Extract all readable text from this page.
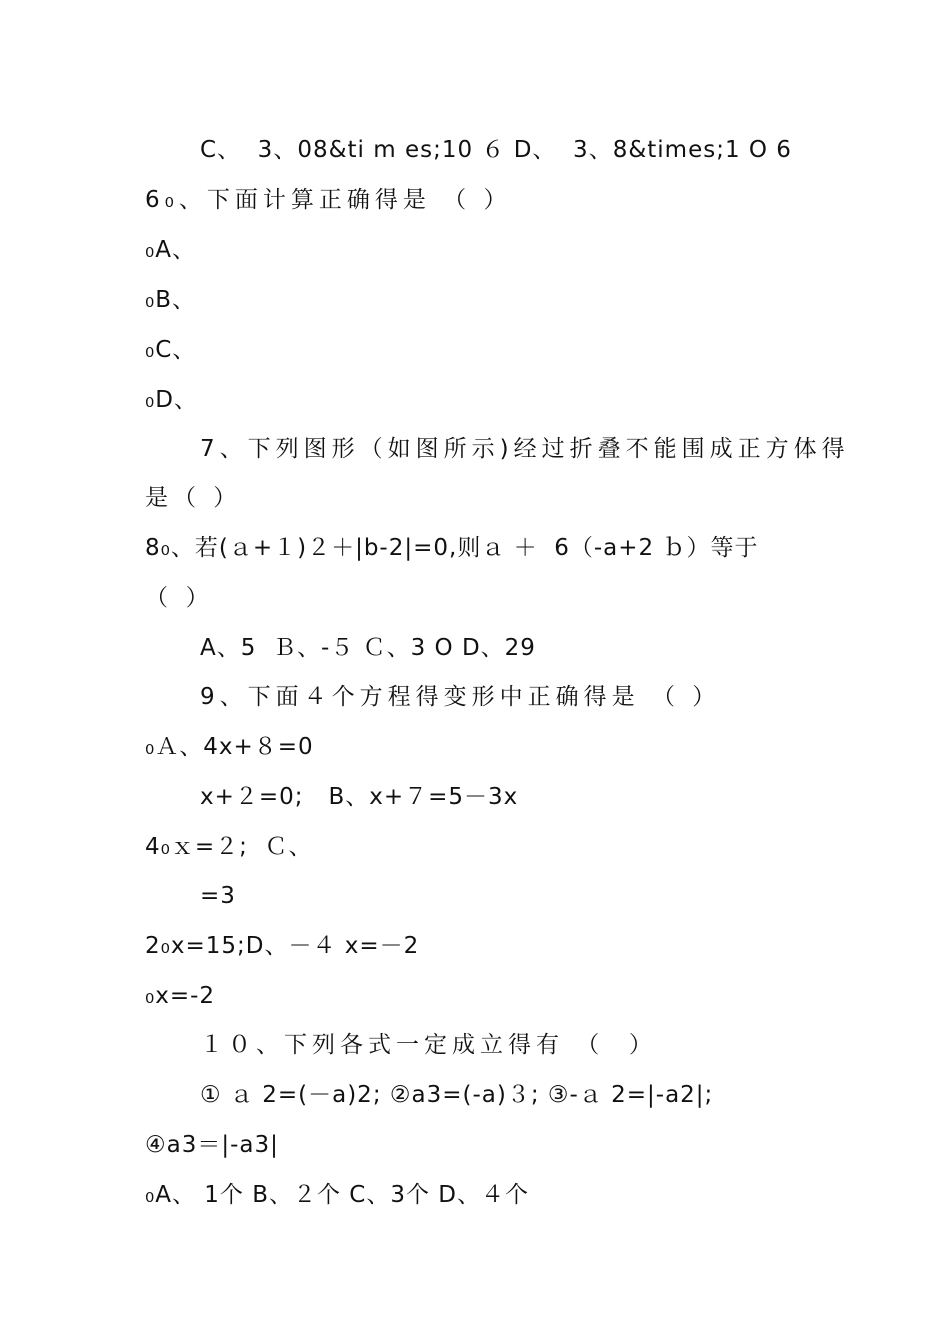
C、  3、08&ti m es;10 ６ D、  3、8&times;1 O 6
6₀、下面计算正确得是 （ ）
₀A、
₀B、
₀C、
₀D、
7、下列图形（如图所示)经过折叠不能围成正方体得
是（ ）
8₀、若(ａ+１)２＋|b-2|=0,则ａ ＋  6（-a+2 ｂ）等于
（  ）
A、5  Ｂ、-５ Ｃ、3 O D、29
9、下面４个方程得变形中正确得是 （ ）
₀Ａ、4x+８=0
x+２=0;   B、x+７=5－3x
4₀ｘ=２;  Ｃ、
=3
2₀x=15;D、－４ x=－2
₀x=-2
１０、下列各式一定成立得有 （  ）
① ａ 2=(－a)2; ②a3=(-a)３; ③-ａ 2=|-a2|;
④a3＝|-a3|
₀A、 1个 B、２个 C、3个 D、４个
